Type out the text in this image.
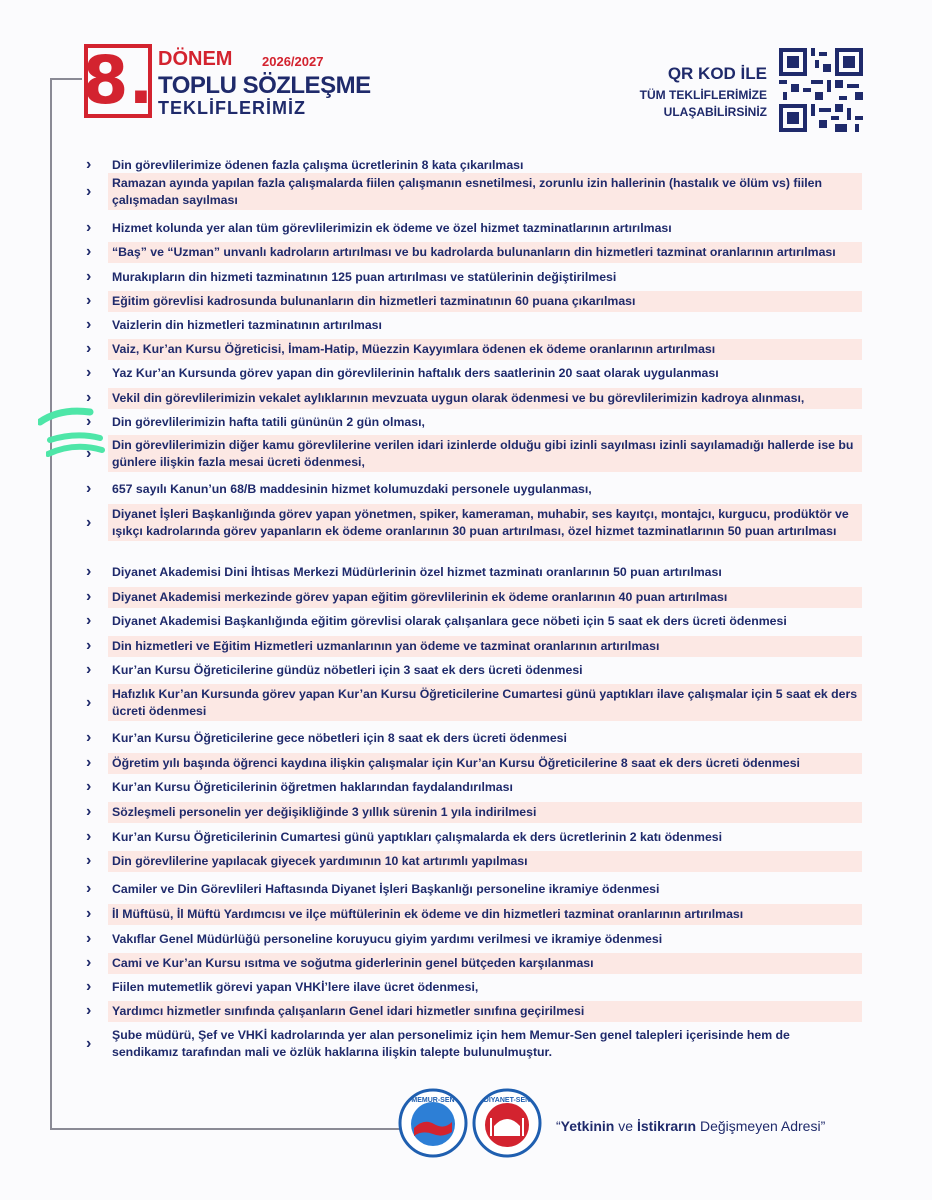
8. DÖNEM 2026/2027
TOPLU SÖZLEŞME
TEKLİFLERİMİZ
QR KOD İLE
TÜM TEKLİFLERİMİZE
ULAŞABİLİRSİNİZ
›	Din görevlilerimize ödenen fazla çalışma ücretlerinin 8 kata çıkarılması
›	Ramazan ayında yapılan fazla çalışmalarda fiilen çalışmanın esnetilmesi, zorunlu izin hallerinin (hastalık ve ölüm vs) fiilen çalışmadan sayılması
›	Hizmet kolunda yer alan tüm görevlilerimizin ek ödeme ve özel hizmet tazminatlarının artırılması
›	“Baş” ve “Uzman” unvanlı kadroların artırılması ve bu kadrolarda bulunanların din hizmetleri tazminat oranlarının artırılması
›	Murakıpların din hizmeti tazminatının 125 puan artırılması ve statülerinin değiştirilmesi
›	Eğitim görevlisi kadrosunda bulunanların din hizmetleri tazminatının 60 puana çıkarılması
›	Vaizlerin din hizmetleri tazminatının artırılması
›	Vaiz, Kur’an Kursu Öğreticisi, İmam-Hatip, Müezzin Kayyımlara ödenen ek ödeme oranlarının artırılması
›	Yaz Kur’an Kursunda görev yapan din görevlilerinin haftalık ders saatlerinin 20 saat olarak uygulanması
›	Vekil din görevlilerimizin vekalet aylıklarının mevzuata uygun olarak ödenmesi ve bu görevlilerimizin kadroya alınması,
›	Din görevlilerimizin hafta tatili gününün 2 gün olması,
›	Din görevlilerimizin diğer kamu görevlilerine verilen idari izinlerde olduğu gibi izinli sayılması izinli sayılamadığı hallerde ise bu günlere ilişkin fazla mesai ücreti ödenmesi,
›	657 sayılı Kanun’un 68/B maddesinin hizmet kolumuzdaki personele uygulanması,
›	Diyanet İşleri Başkanlığında görev yapan yönetmen, spiker, kameraman, muhabir, ses kayıtçı, montajcı, kurgucu, prodüktör ve ışıkçı kadrolarında görev yapanların ek ödeme oranlarının 30 puan artırılması, özel hizmet tazminatlarının 50 puan artırılması
›	Diyanet Akademisi Dini İhtisas Merkezi Müdürlerinin özel hizmet tazminatı oranlarının 50 puan artırılması
›	Diyanet Akademisi merkezinde görev yapan eğitim görevlilerinin ek ödeme oranlarının 40 puan artırılması
›	Diyanet Akademisi Başkanlığında eğitim görevlisi olarak çalışanlara gece nöbeti için 5 saat ek ders ücreti ödenmesi
›	Din hizmetleri ve Eğitim Hizmetleri uzmanlarının yan ödeme ve tazminat oranlarının artırılması
›	Kur’an Kursu Öğreticilerine gündüz nöbetleri için 3 saat ek ders ücreti ödenmesi
›	Hafızlık Kur’an Kursunda görev yapan Kur’an Kursu Öğreticilerine Cumartesi günü yaptıkları ilave çalışmalar için 5 saat ek ders ücreti ödenmesi
›	Kur’an Kursu Öğreticilerine gece nöbetleri için 8 saat ek ders ücreti ödenmesi
›	Öğretim yılı başında öğrenci kaydına ilişkin çalışmalar için Kur’an Kursu Öğreticilerine 8 saat ek ders ücreti ödenmesi
›	Kur’an Kursu Öğreticilerinin öğretmen haklarından faydalandırılması
›	Sözleşmeli personelin yer değişikliğinde 3 yıllık sürenin 1 yıla indirilmesi
›	Kur’an Kursu Öğreticilerinin Cumartesi günü yaptıkları çalışmalarda ek ders ücretlerinin 2 katı ödenmesi
›	Din görevlilerine yapılacak giyecek yardımının 10 kat artırımlı yapılması
›	Camiler ve Din Görevlileri Haftasında Diyanet İşleri Başkanlığı personeline ikramiye ödenmesi
›	İl Müftüsü, İl Müftü Yardımcısı ve ilçe müftülerinin ek ödeme ve din hizmetleri tazminat oranlarının artırılması
›	Vakıflar Genel Müdürlüğü personeline koruyucu giyim yardımı verilmesi ve ikramiye ödenmesi
›	Cami ve Kur’an Kursu ısıtma ve soğutma giderlerinin genel bütçeden karşılanması
›	Fiilen mutemetlik görevi yapan VHKİ’lere ilave ücret ödenmesi,
›	Yardımcı hizmetler sınıfında çalışanların Genel idari hizmetler sınıfına geçirilmesi
›	Şube müdürü, Şef ve VHKİ kadrolarında yer alan personelimiz için hem Memur-Sen genel talepleri içerisinde hem de sendikamız tarafından mali ve özlük haklarına ilişkin talepte bulunulmuştur.
MEMUR-SEN	DİYANET-SEN
“Yetkinin ve İstikrarın Değişmeyen Adresi”
